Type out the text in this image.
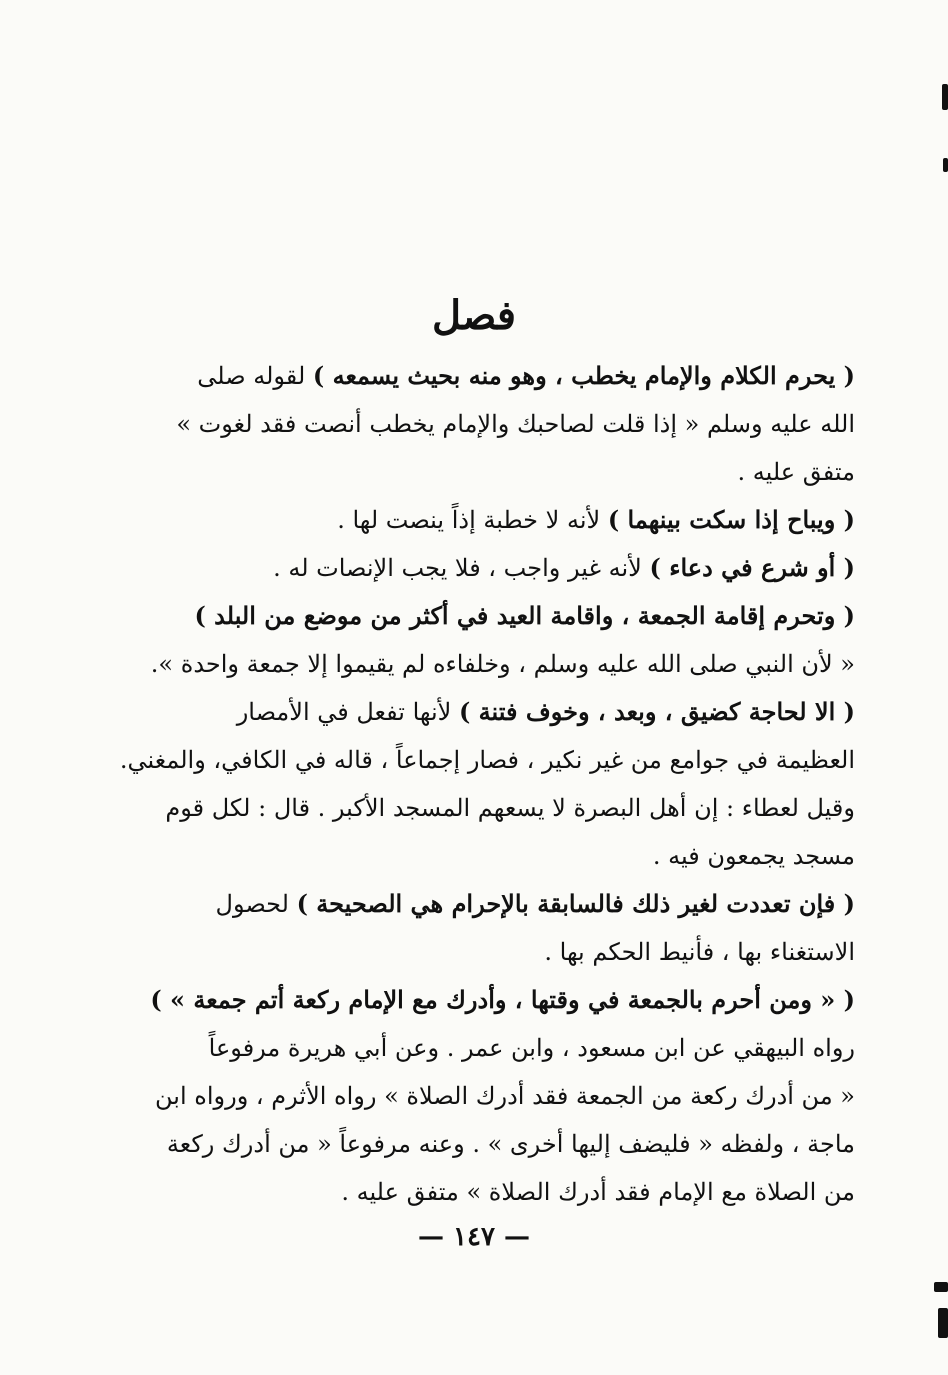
فصل
( يحرم الكلام والإمام يخطب ، وهو منه بحيث يسمعه ) لقوله صلى
الله عليه وسلم « إذا قلت لصاحبك والإمام يخطب أنصت فقد لغوت »
متفق عليه .
( ويباح إذا سكت بينهما ) لأنه لا خطبة إذاً ينصت لها .
( أو شرع في دعاء ) لأنه غير واجب ، فلا يجب الإنصات له .
( وتحرم إقامة الجمعة ، واقامة العيد في أكثر من موضع من البلد )
« لأن النبي صلى الله عليه وسلم ، وخلفاءه لم يقيموا إلا جمعة واحدة ».
( الا لحاجة كضيق ، وبعد ، وخوف فتنة ) لأنها تفعل في الأمصار
العظيمة في جوامع من غير نكير ، فصار إجماعاً ، قاله في الكافي، والمغني.
وقيل لعطاء : إن أهل البصرة لا يسعهم المسجد الأكبر . قال : لكل قوم
مسجد يجمعون فيه .
( فإن تعددت لغير ذلك فالسابقة بالإحرام هي الصحيحة ) لحصول
الاستغناء بها ، فأنيط الحكم بها .
( « ومن أحرم بالجمعة في وقتها ، وأدرك مع الإمام ركعة أتم جمعة » )
رواه البيهقي عن ابن مسعود ، وابن عمر . وعن أبي هريرة مرفوعاً
« من أدرك ركعة من الجمعة فقد أدرك الصلاة » رواه الأثرم ، ورواه ابن
ماجة ، ولفظه « فليضف إليها أخرى » . وعنه مرفوعاً « من أدرك ركعة
من الصلاة مع الإمام فقد أدرك الصلاة » متفق عليه .
— ١٤٧ —
